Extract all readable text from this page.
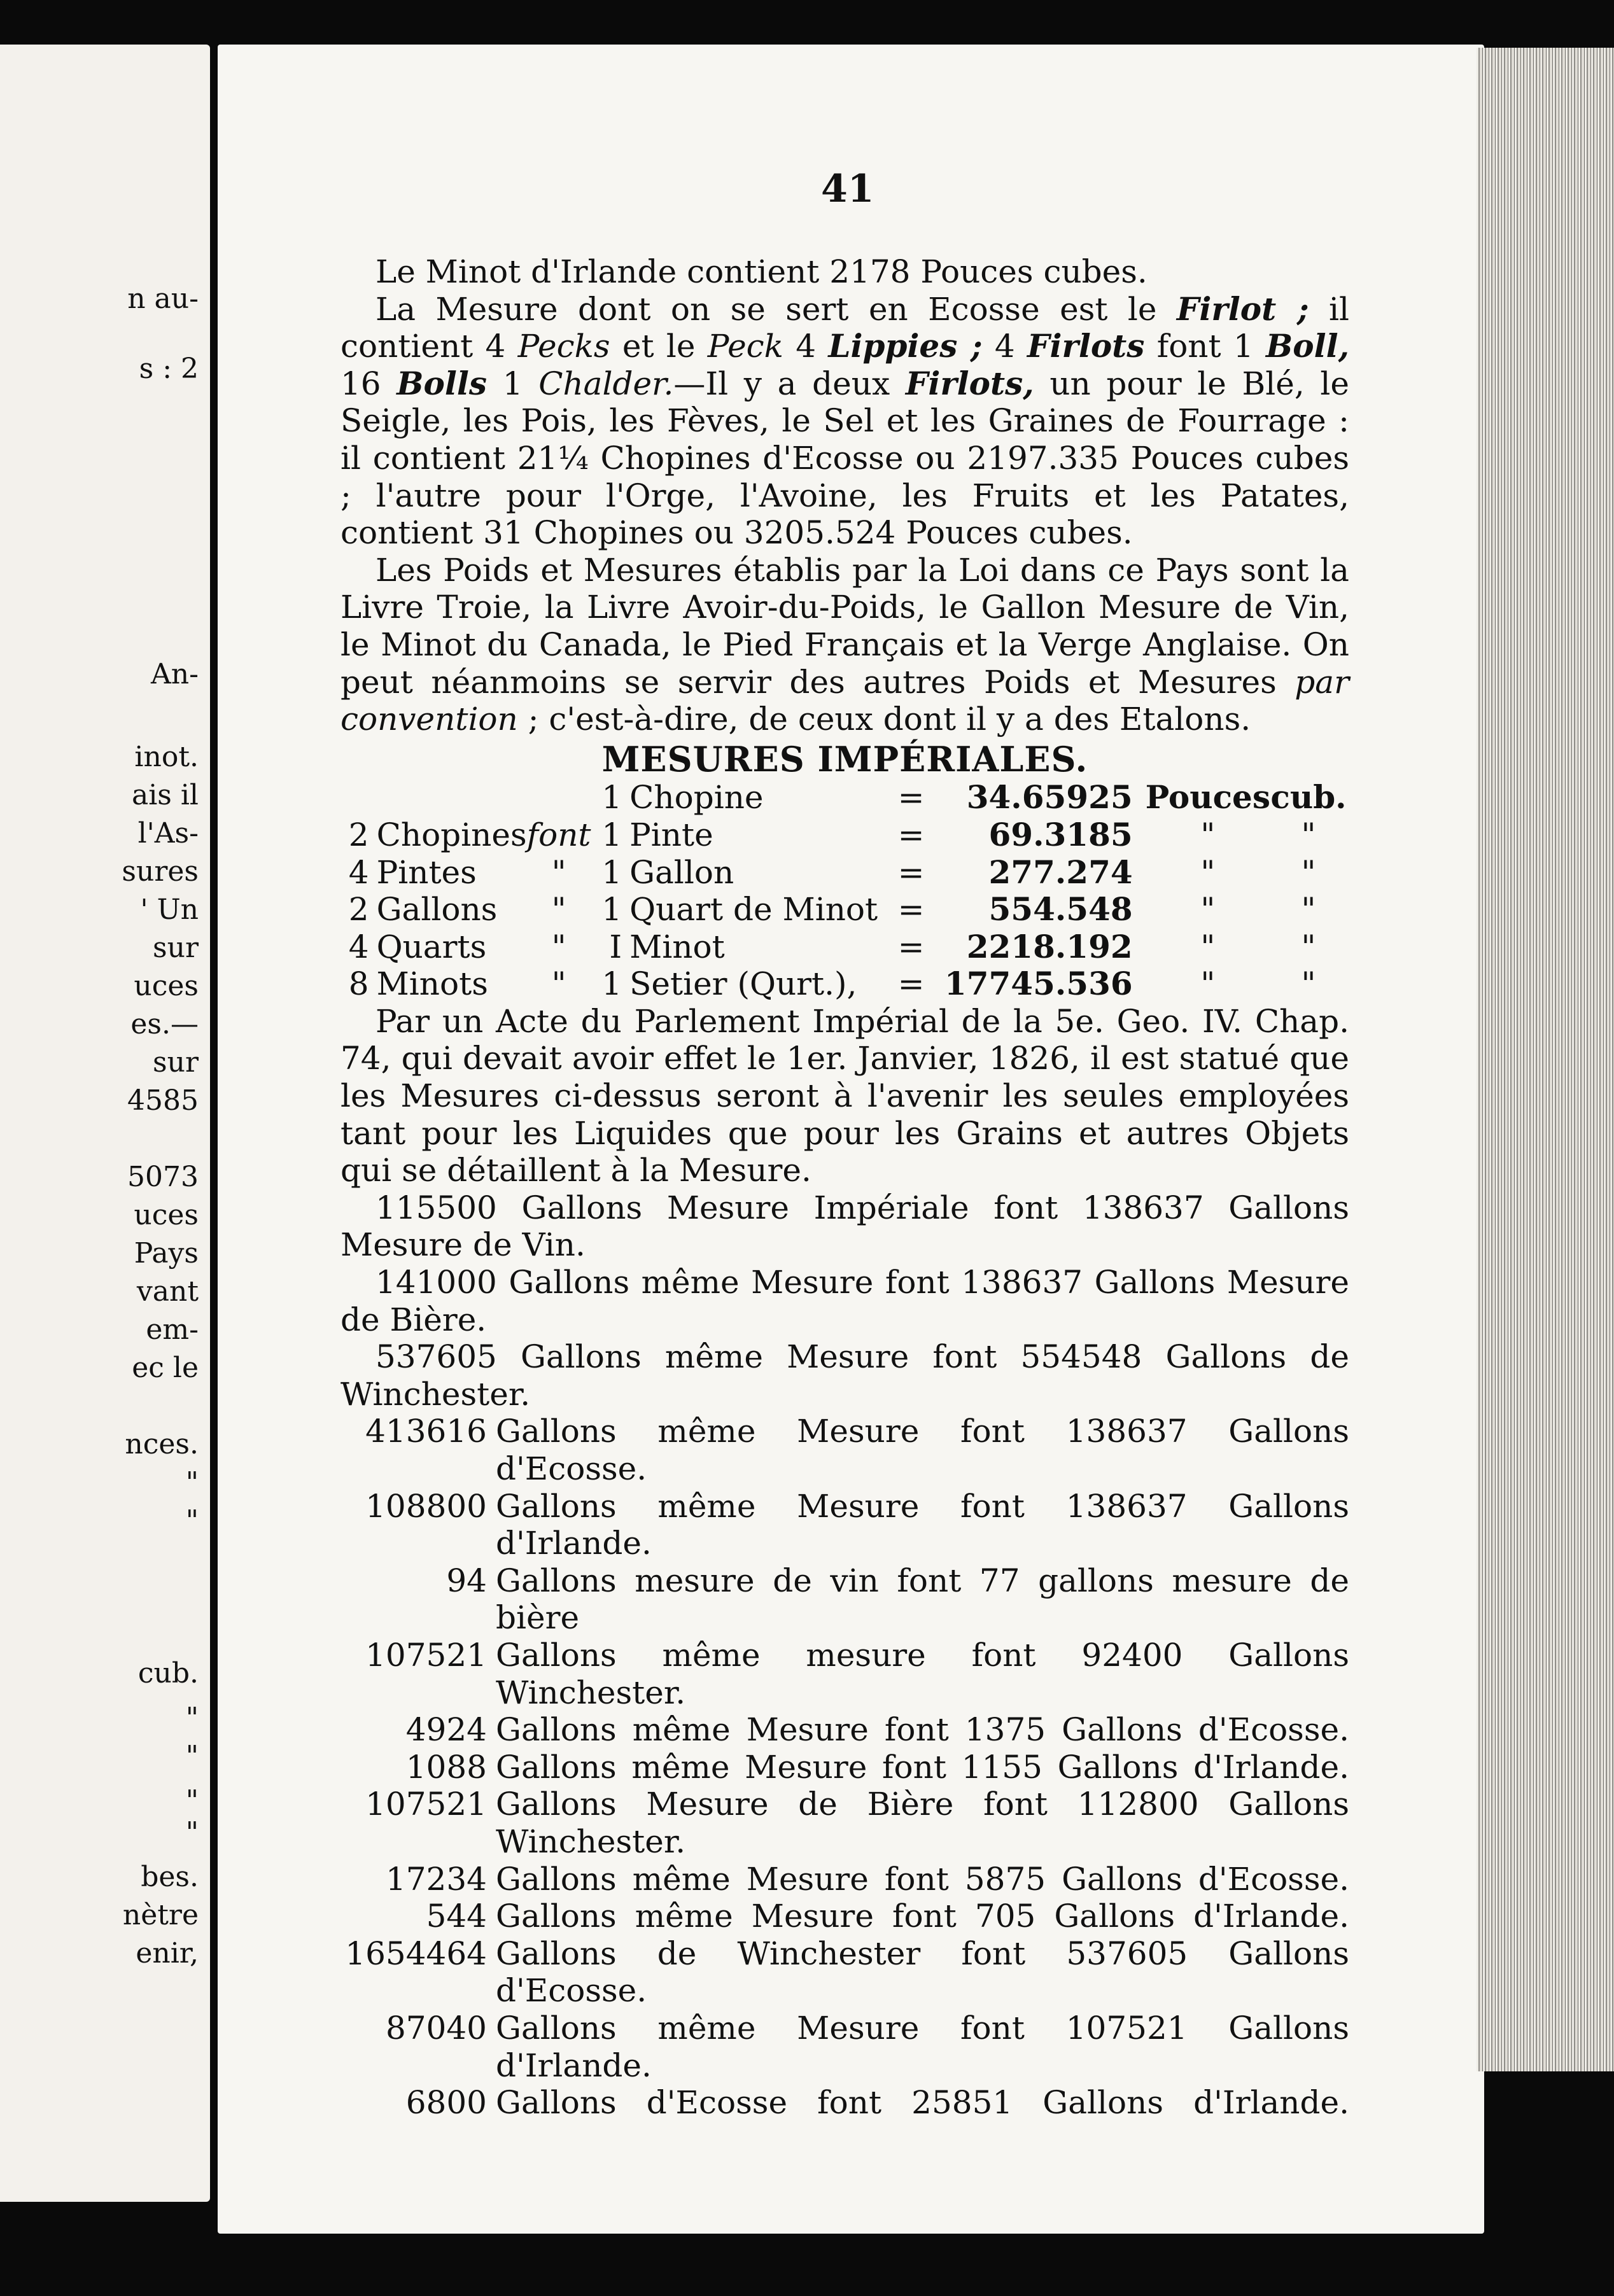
n au-
s : 2
An-
inot.
ais il
l'As-
sures
' Un
sur
uces
es.—
sur
4585
5073
uces
Pays
vant
em-
ec le
nces.
"
"
cub.
"
"
"
"
bes.
nètre
enir,
41

Le Minot d'Irlande contient 2178 Pouces cubes.

La Mesure dont on se sert en Ecosse est le Firlot ; il contient 4 Pecks et le Peck 4 Lippies ; 4 Firlots font 1 Boll, 16 Bolls 1 Chalder.—Il y a deux Firlots, un pour le Blé, le Seigle, les Pois, les Fèves, le Sel et les Graines de Fourrage : il contient 21¼ Chopines d'Ecosse ou 2197.335 Pouces cubes ; l'autre pour l'Orge, l'Avoine, les Fruits et les Patates, contient 31 Chopines ou 3205.524 Pouces cubes.

Les Poids et Mesures établis par la Loi dans ce Pays sont la Livre Troie, la Livre Avoir-du-Poids, le Gallon Mesure de Vin, le Minot du Canada, le Pied Français et la Verge Anglaise. On peut néanmoins se servir des autres Poids et Mesures par convention ; c'est-à-dire, de ceux dont il y a des Etalons.

MESURES IMPÉRIALES.
			1	Chopine	=	34.65925	Pouces	cub.
2	Chopines	font	1	Pinte	=	69.3185	"	"
4	Pintes	"	1	Gallon	=	277.274	"	"
2	Gallons	"	1	Quart de Minot	=	554.548	"	"
4	Quarts	"	I	Minot	=	2218.192	"	"
8	Minots	"	1	Setier (Qurt.),	=	17745.536	"	"

Par un Acte du Parlement Impérial de la 5e. Geo. IV. Chap. 74, qui devait avoir effet le 1er. Janvier, 1826, il est statué que les Mesures ci-dessus seront à l'avenir les seules employées tant pour les Liquides que pour les Grains et autres Objets qui se détaillent à la Mesure.

115500 Gallons Mesure Impériale font 138637 Gallons Mesure de Vin.	
141000 Gallons même Mesure font 138637 Gallons Mesure de Bière.	
537605 Gallons même Mesure font 554548 Gallons de Winchester.	
413616	Gallons même Mesure font 138637 Gallons d'Ecosse.
108800	Gallons même Mesure font 138637 Gallons d'Irlande.
94	Gallons mesure de vin font 77 gallons mesure de bière
107521	Gallons même mesure font 92400 Gallons Winchester.
4924	Gallons même Mesure font 1375 Gallons d'Ecosse.
1088	Gallons même Mesure font 1155 Gallons d'Irlande.
107521	Gallons Mesure de Bière font 112800 Gallons Winchester.
17234	Gallons même Mesure font 5875 Gallons d'Ecosse.
544	Gallons même Mesure font 705 Gallons d'Irlande.
1654464	Gallons de Winchester font 537605 Gallons d'Ecosse.
87040	Gallons même Mesure font 107521 Gallons d'Irlande.
6800	Gallons d'Ecosse font 25851 Gallons d'Irlande.
